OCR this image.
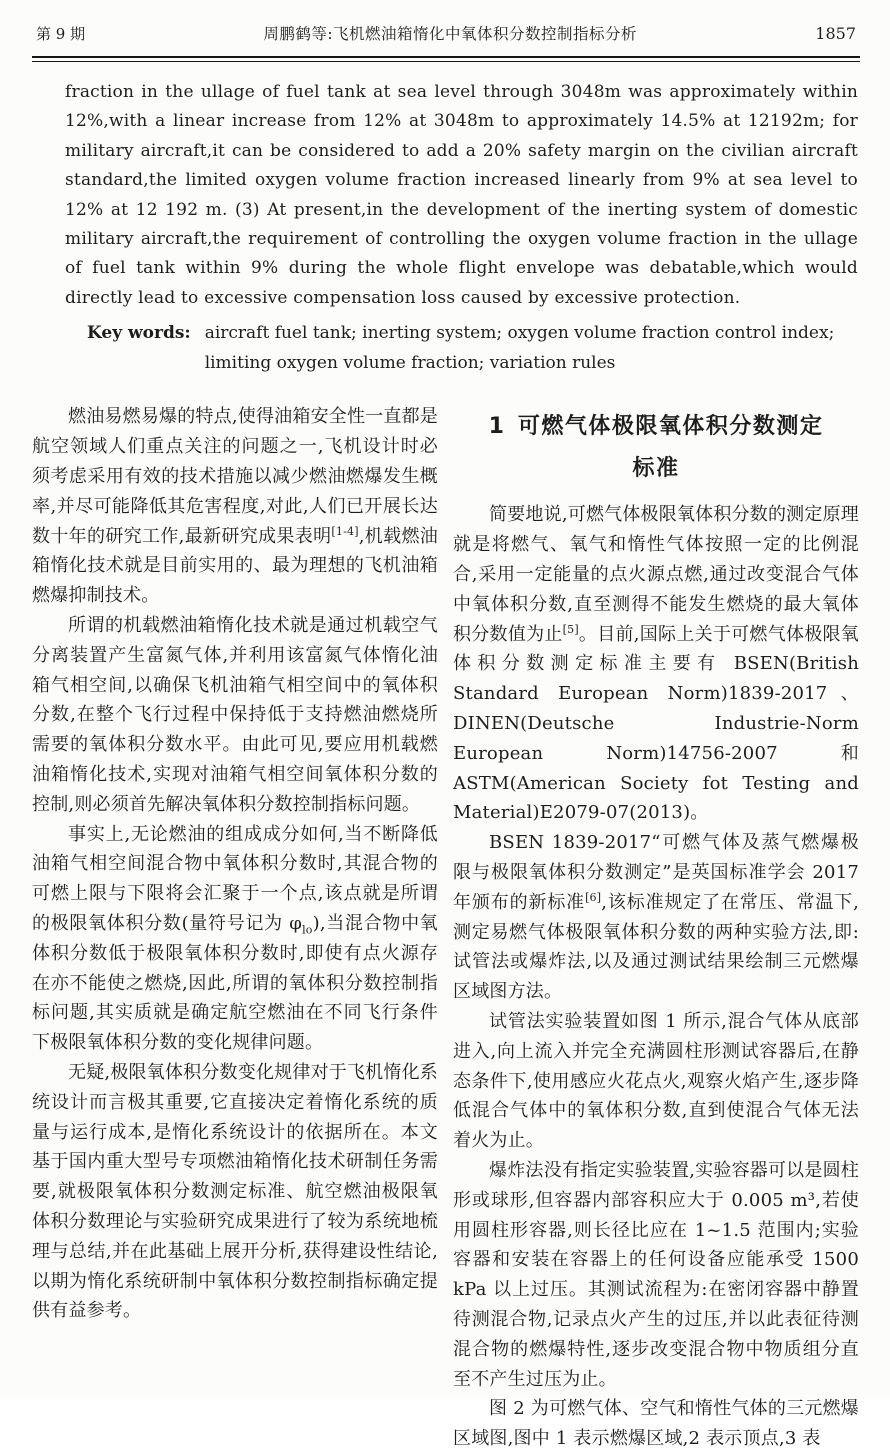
第 9 期	周鹏鹤等:飞机燃油箱惰化中氧体积分数控制指标分析	1857
fraction in the ullage of fuel tank at sea level through 3048m was approximately within 12%,with a linear increase from 12% at 3048m to approximately 14.5% at 12192m; for military aircraft,it can be considered to add a 20% safety margin on the civilian aircraft standard,the limited oxygen volume fraction increased linearly from 9% at sea level to 12% at 12 192 m. (3) At present,in the development of the inerting system of domestic military aircraft,the requirement of controlling the oxygen volume fraction in the ullage of fuel tank within 9% during the whole flight envelope was debatable,which would directly lead to excessive compensation loss caused by excessive protection.
Key words: aircraft fuel tank; inerting system; oxygen volume fraction control index; limiting oxygen volume fraction; variation rules

燃油易燃易爆的特点,使得油箱安全性一直都是航空领域人们重点关注的问题之一,飞机设计时必须考虑采用有效的技术措施以减少燃油燃爆发生概率,并尽可能降低其危害程度,对此,人们已开展长达数十年的研究工作,最新研究成果表明[1-4],机载燃油箱惰化技术就是目前实用的、最为理想的飞机油箱燃爆抑制技术。

所谓的机载燃油箱惰化技术就是通过机载空气分离装置产生富氮气体,并利用该富氮气体惰化油箱气相空间,以确保飞机油箱气相空间中的氧体积分数,在整个飞行过程中保持低于支持燃油燃烧所需要的氧体积分数水平。由此可见,要应用机载燃油箱惰化技术,实现对油箱气相空间氧体积分数的控制,则必须首先解决氧体积分数控制指标问题。

事实上,无论燃油的组成成分如何,当不断降低油箱气相空间混合物中氧体积分数时,其混合物的可燃上限与下限将会汇聚于一个点,该点就是所谓的极限氧体积分数(量符号记为 $\varphi_{lo}$),当混合物中氧体积分数低于极限氧体积分数时,即使有点火源存在亦不能使之燃烧,因此,所谓的氧体积分数控制指标问题,其实质就是确定航空燃油在不同飞行条件下极限氧体积分数的变化规律问题。

无疑,极限氧体积分数变化规律对于飞机惰化系统设计而言极其重要,它直接决定着惰化系统的质量与运行成本,是惰化系统设计的依据所在。本文基于国内重大型号专项燃油箱惰化技术研制任务需要,就极限氧体积分数测定标准、航空燃油极限氧体积分数理论与实验研究成果进行了较为系统地梳理与总结,并在此基础上展开分析,获得建设性结论,以期为惰化系统研制中氧体积分数控制指标确定提供有益参考。

1 可燃气体极限氧体积分数测定
标准

简要地说,可燃气体极限氧体积分数的测定原理就是将燃气、氧气和惰性气体按照一定的比例混合,采用一定能量的点火源点燃,通过改变混合气体中氧体积分数,直至测得不能发生燃烧的最大氧体积分数值为止[5]。目前,国际上关于可燃气体极限氧体积分数测定标准主要有 BSEN(British Standard European Norm)1839-2017、DINEN(Deutsche Industrie-Norm European Norm)14756-2007 和 ASTM(American Society fot Testing and Material)E2079-07(2013)。

BSEN 1839-2017“可燃气体及蒸气燃爆极限与极限氧体积分数测定”是英国标准学会 2017 年颁布的新标准[6],该标准规定了在常压、常温下,测定易燃气体极限氧体积分数的两种实验方法,即:试管法或爆炸法,以及通过测试结果绘制三元燃爆区域图方法。

试管法实验装置如图 1 所示,混合气体从底部进入,向上流入并完全充满圆柱形测试容器后,在静态条件下,使用感应火花点火,观察火焰产生,逐步降低混合气体中的氧体积分数,直到使混合气体无法着火为止。

爆炸法没有指定实验装置,实验容器可以是圆柱形或球形,但容器内部容积应大于 0.005 m³,若使用圆柱形容器,则长径比应在 1~1.5 范围内;实验容器和安装在容器上的任何设备应能承受 1500 kPa 以上过压。其测试流程为:在密闭容器中静置待测混合物,记录点火产生的过压,并以此表征待测混合物的燃爆特性,逐步改变混合物中物质组分直至不产生过压为止。

图 2 为可燃气体、空气和惰性气体的三元燃爆区域图,图中 1 表示燃爆区域,2 表示顶点,3 表
